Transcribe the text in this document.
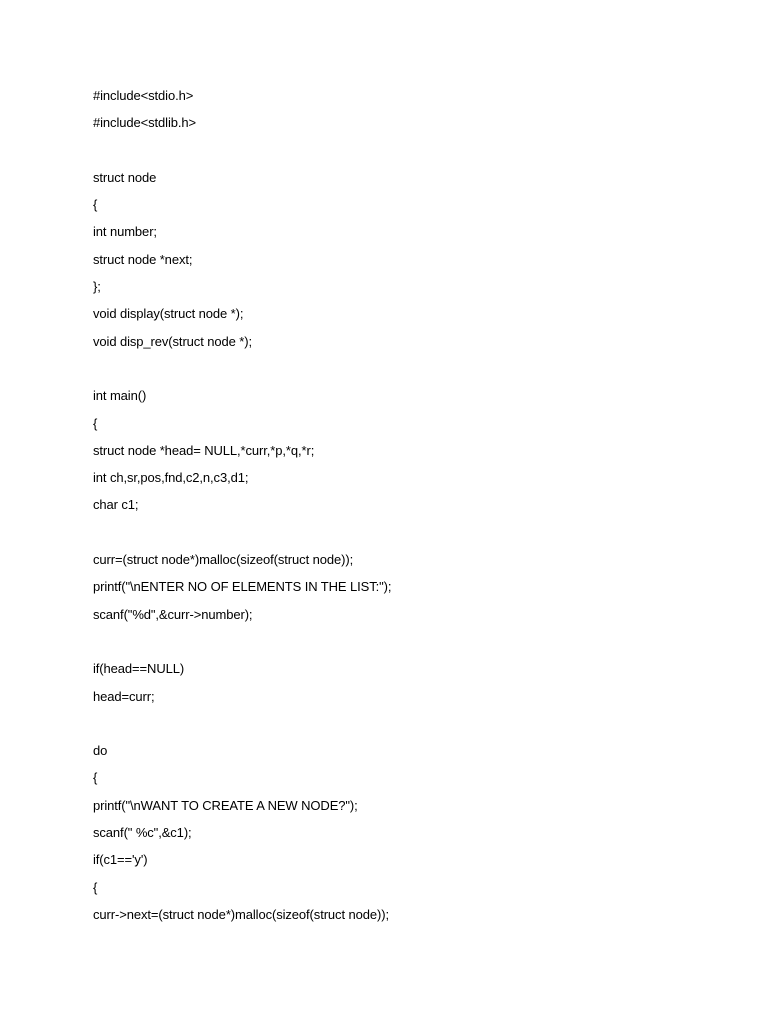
#include<stdio.h>
#include<stdlib.h>
struct node
{
int number;
struct node *next;
};
void display(struct node *);
void disp_rev(struct node *);
int main()
{
struct node *head= NULL,*curr,*p,*q,*r;
int ch,sr,pos,fnd,c2,n,c3,d1;
char c1;
curr=(struct node*)malloc(sizeof(struct node));
printf("\nENTER NO OF ELEMENTS IN THE LIST:");
scanf("%d",&curr->number);
if(head==NULL)
head=curr;
do
{
printf("\nWANT TO CREATE A NEW NODE?");
scanf(" %c",&c1);
if(c1=='y')
{
curr->next=(struct node*)malloc(sizeof(struct node));
